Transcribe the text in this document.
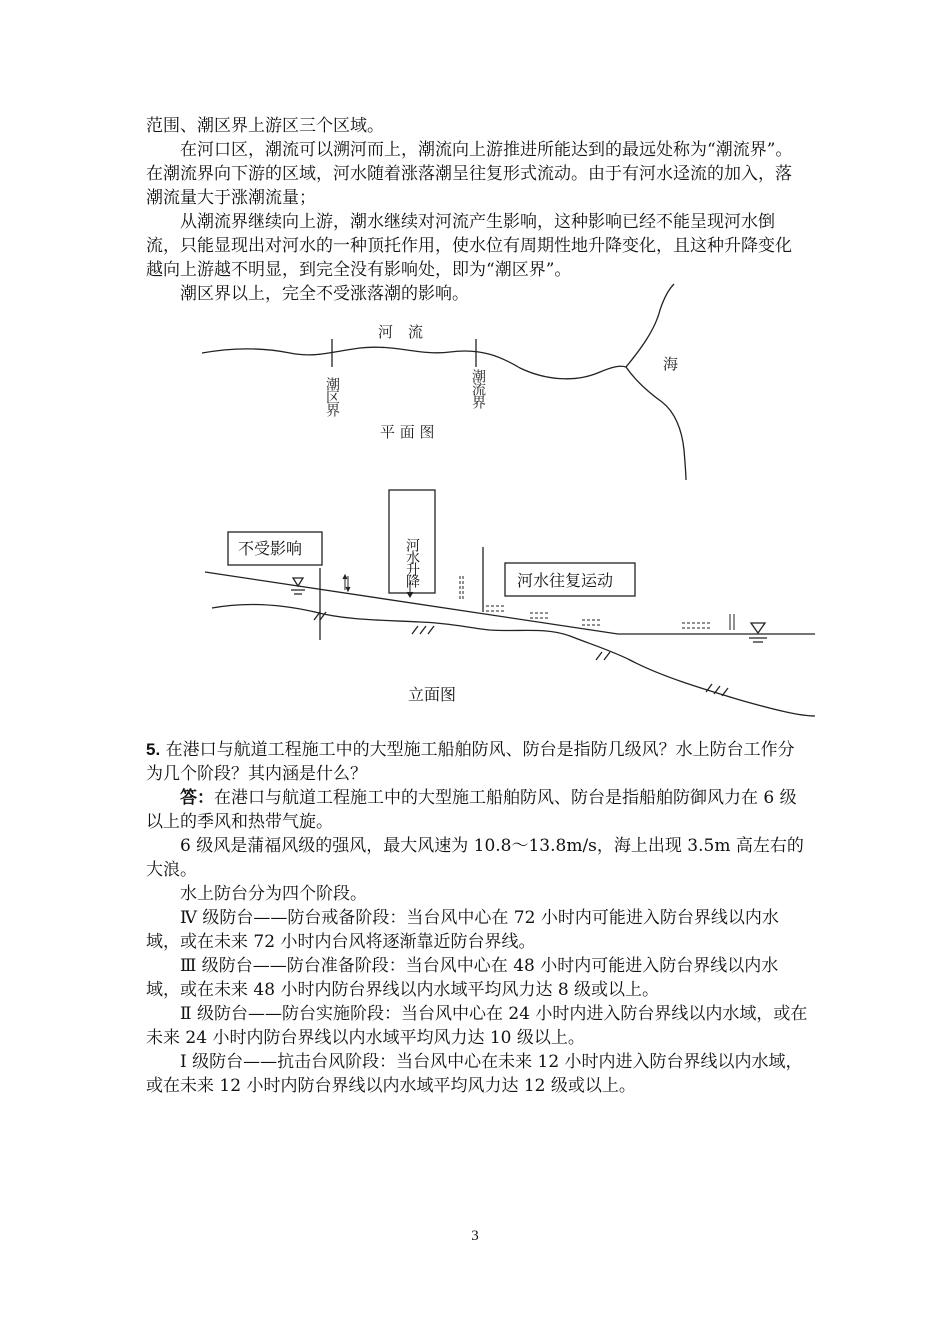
范围、潮区界上游区三个区域。

在河口区，潮流可以溯河而上，潮流向上游推进所能达到的最远处称为“潮流界”。在潮流界向下游的区域，河水随着涨落潮呈往复形式流动。由于有河水迳流的加入，落潮流量大于涨潮流量；

从潮流界继续向上游，潮水继续对河流产生影响，这种影响已经不能呈现河水倒流，只能显现出对河水的一种顶托作用，使水位有周期性地升降变化，且这种升降变化越向上游越不明显，到完全没有影响处，即为“潮区界”。

潮区界以上，完全不受涨落潮的影响。

河　流
海
潮区界	潮流界
平 面 图
不受影响	河水升降	河水往复运动
立面图

5. 在港口与航道工程施工中的大型施工船舶防风、防台是指防几级风？水上防台工作分为几个阶段？其内涵是什么？

答：在港口与航道工程施工中的大型施工船舶防风、防台是指船舶防御风力在 6 级以上的季风和热带气旋。

6 级风是蒲福风级的强风，最大风速为 10.8～13.8m/s，海上出现 3.5m 高左右的大浪。

水上防台分为四个阶段。

Ⅳ 级防台——防台戒备阶段：当台风中心在 72 小时内可能进入防台界线以内水域，或在未来 72 小时内台风将逐渐靠近防台界线。

Ⅲ 级防台——防台准备阶段：当台风中心在 48 小时内可能进入防台界线以内水域，或在未来 48 小时内防台界线以内水域平均风力达 8 级或以上。

Ⅱ 级防台——防台实施阶段：当台风中心在 24 小时内进入防台界线以内水域，或在未来 24 小时内防台界线以内水域平均风力达 10 级以上。

Ⅰ 级防台——抗击台风阶段：当台风中心在未来 12 小时内进入防台界线以内水域，或在未来 12 小时内防台界线以内水域平均风力达 12 级或以上。

3
